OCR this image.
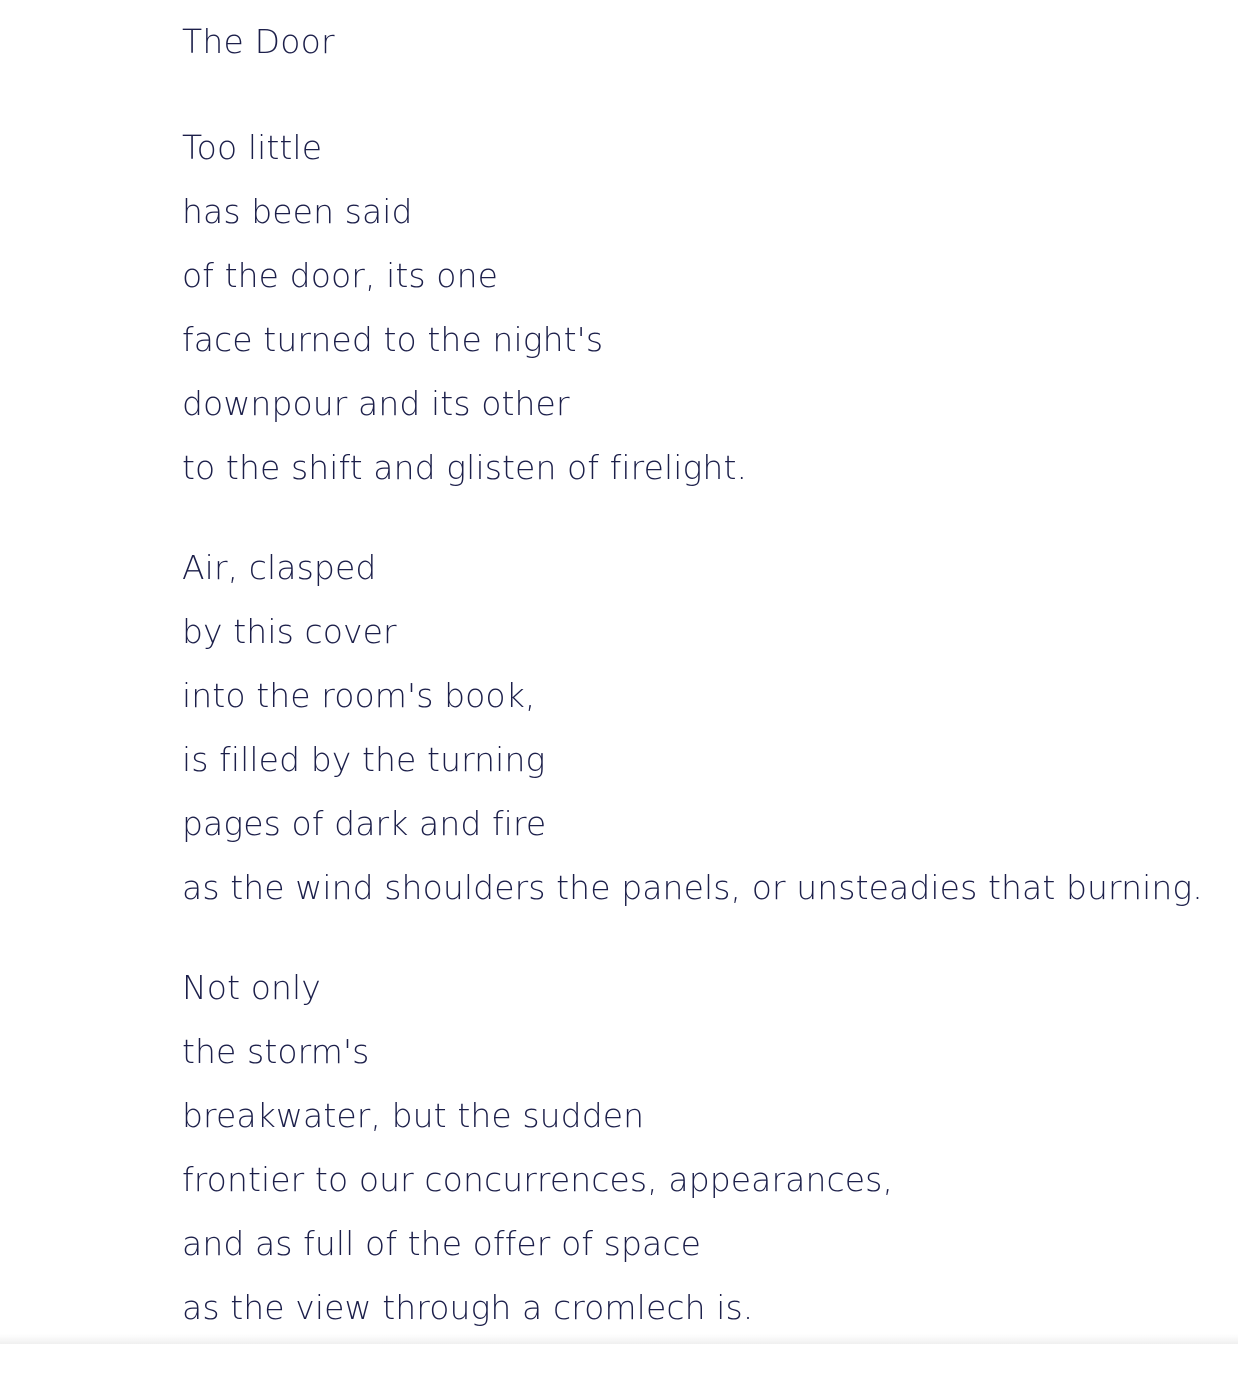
The Door
Too little
has been said
of the door, its one
face turned to the night's
downpour and its other
to the shift and glisten of firelight.
Air, clasped
by this cover
into the room's book,
is filled by the turning
pages of dark and fire
as the wind shoulders the panels, or unsteadies that burning.
Not only
the storm's
breakwater, but the sudden
frontier to our concurrences, appearances,
and as full of the offer of space
as the view through a cromlech is.
